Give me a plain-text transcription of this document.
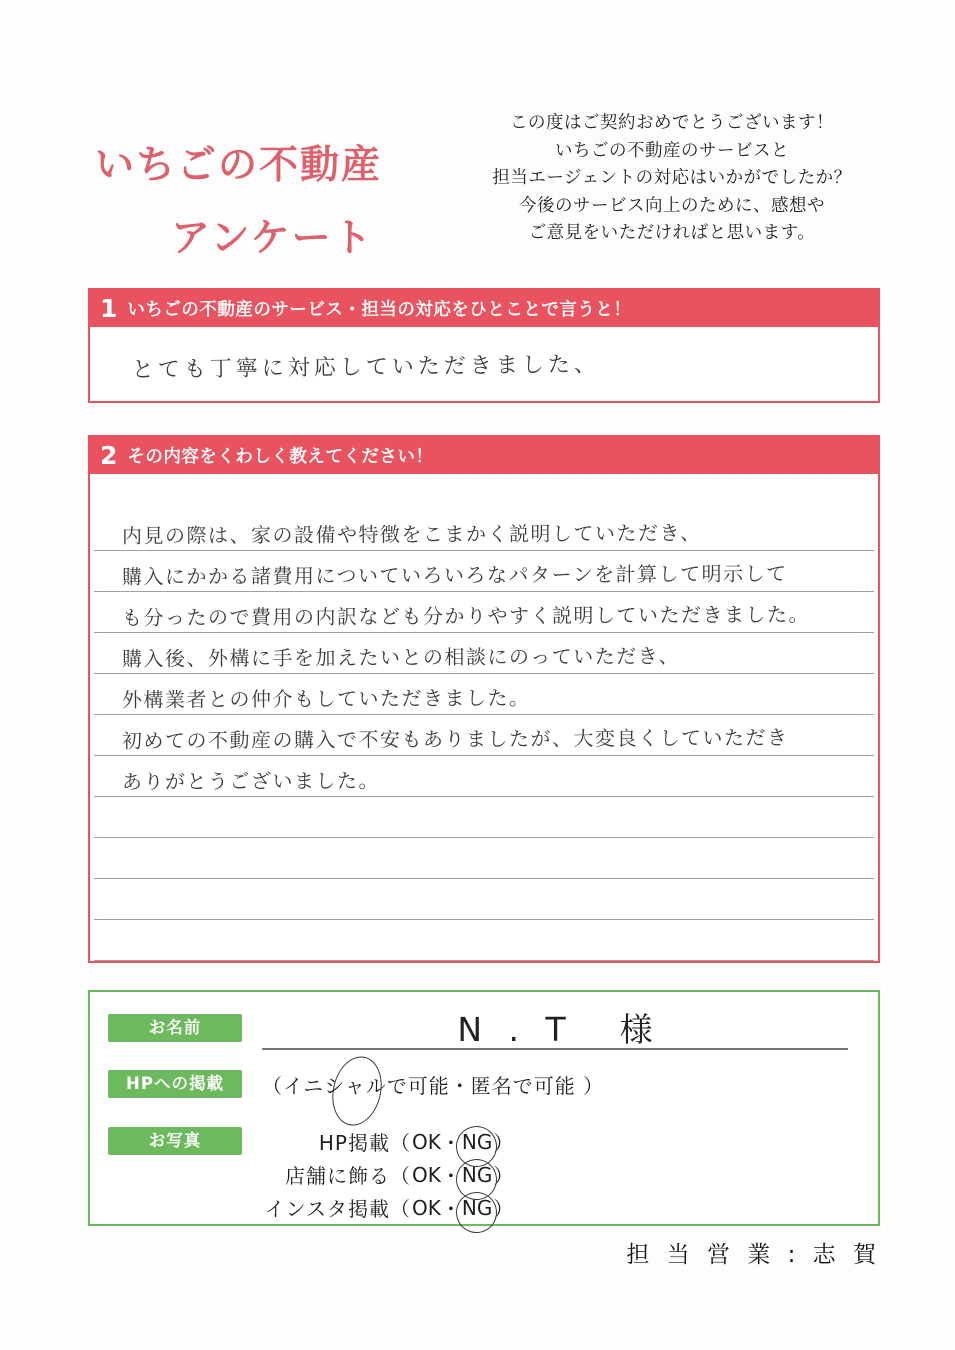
いちごの不動産
アンケート
この度はご契約おめでとうございます！
いちごの不動産のサービスと
担当エージェントの対応はいかがでしたか？
今後のサービス向上のために、感想や
ご意見をいただければと思います。
1 いちごの不動産のサービス・担当の対応をひとことで言うと！
とても丁寧に対応していただきました、
2 その内容をくわしく教えてください！
内見の際は、家の設備や特徴をこまかく説明していただき、
購入にかかる諸費用についていろいろなパターンを計算して明示して
も分ったので費用の内訳なども分かりやすく説明していただきました。
購入後、外構に手を加えたいとの相談にのっていただき、
外構業者との仲介もしていただきました。
初めての不動産の購入で不安もありましたが、大変良くしていただき
ありがとうございました。
お名前	N . T 様
HPへの掲載	（イニシャルで可能・匿名で可能 ）
お写真	HP掲載 （ OK ・ NG ）
店舗に飾る （ OK ・ NG ）
インスタ掲載 （ OK ・ NG ）
担 当 営 業 : 志 賀
